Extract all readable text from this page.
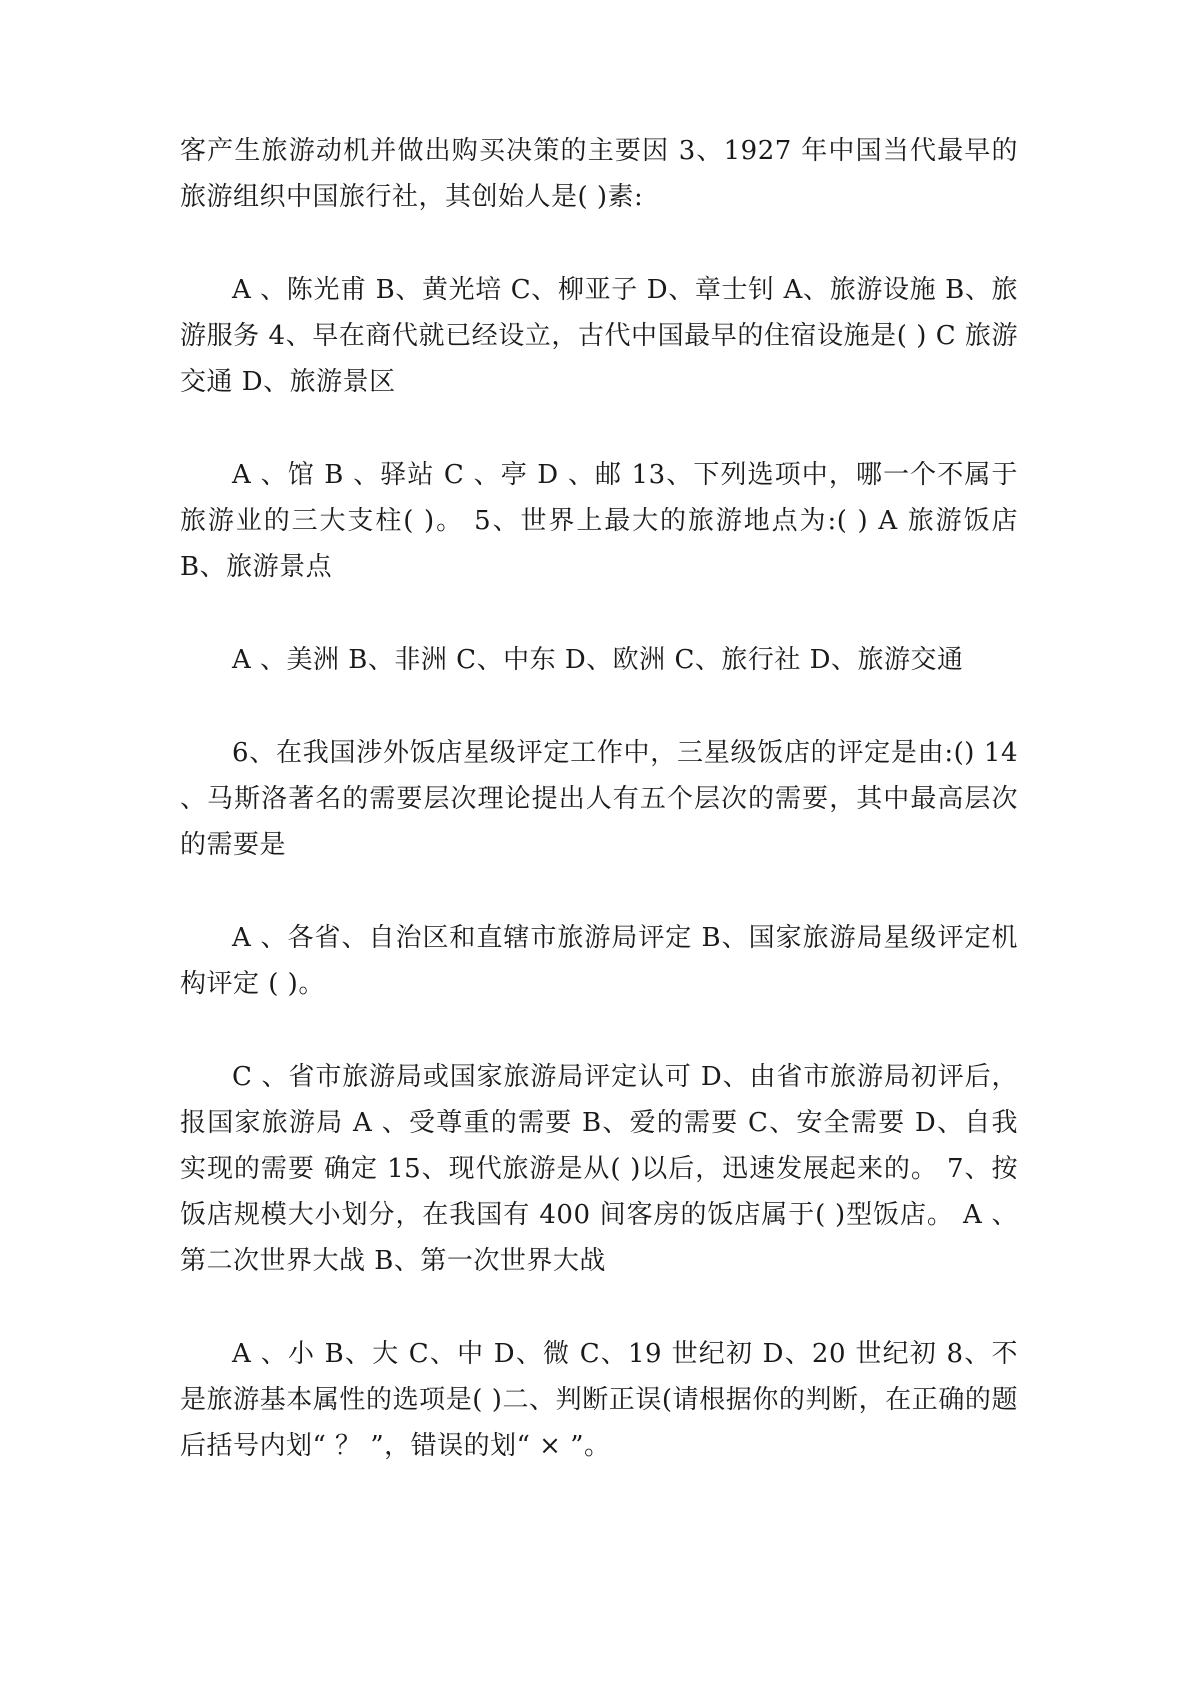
客产生旅游动机并做出购买决策的主要因 3、1927 年中国当代最早的旅游组织中国旅行社，其创始人是( )素:

A 、陈光甫 B、黄光培 C、柳亚子 D、章士钊 A、旅游设施 B、旅游服务 4、早在商代就已经设立，古代中国最早的住宿设施是( ) C 旅游交通 D、旅游景区

A 、馆 B 、驿站 C 、亭 D 、邮 13、下列选项中，哪一个不属于旅游业的三大支柱( )。 5、世界上最大的旅游地点为:( ) A 旅游饭店 B、旅游景点

A 、美洲 B、非洲 C、中东 D、欧洲 C、旅行社 D、旅游交通

6、在我国涉外饭店星级评定工作中，三星级饭店的评定是由:() 14 、马斯洛著名的需要层次理论提出人有五个层次的需要，其中最高层次的需要是

A 、各省、自治区和直辖市旅游局评定 B、国家旅游局星级评定机构评定 ( )。

C 、省市旅游局或国家旅游局评定认可 D、由省市旅游局初评后，报国家旅游局 A 、受尊重的需要 B、爱的需要 C、安全需要 D、自我实现的需要 确定 15、现代旅游是从( )以后，迅速发展起来的。 7、按饭店规模大小划分，在我国有 400 间客房的饭店属于( )型饭店。 A 、第二次世界大战 B、第一次世界大战

A 、小 B、大 C、中 D、微 C、19 世纪初 D、20 世纪初 8、不是旅游基本属性的选项是( )二、判断正误(请根据你的判断，在正确的题后括号内划“ ？ ”，错误的划“ × ”。
